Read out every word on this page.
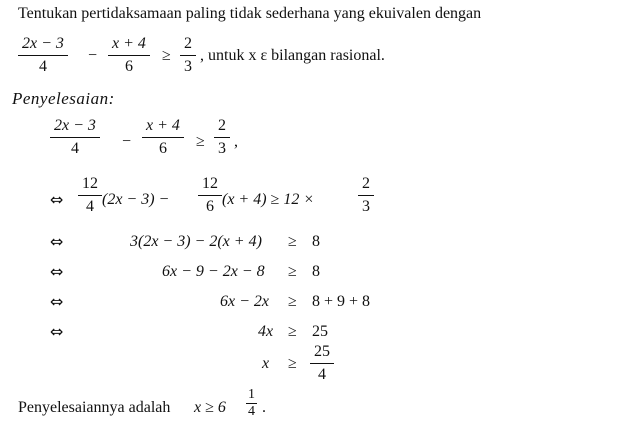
Tentukan pertidaksamaan paling tidak sederhana yang ekuivalen dengan
$\frac{2x - 3}{4} - \frac{x + 4}{6} \ge \frac{2}{3}$ , untuk x ε bilangan rasional.
Penyelesaian:
$\frac{2x - 3}{4} - \frac{x + 4}{6} \ge \frac{2}{3}$ ,
⇔ $\frac{12}{4} (2x - 3) - \frac{12}{6} (x + 4) \ge 12$ ×	$\frac{2}{3}$
⇔	3(2x − 3) − 2(x + 4) ≥ 8
⇔	6x − 9 − 2x − 8 ≥ 8
⇔	6x − 2x ≥ 8 + 9 + 8
⇔	4x ≥ 25
$x \ge \frac{25}{4}$
Penyelesaiannya adalah $x \ge 6 \frac{1}{4}$ .
